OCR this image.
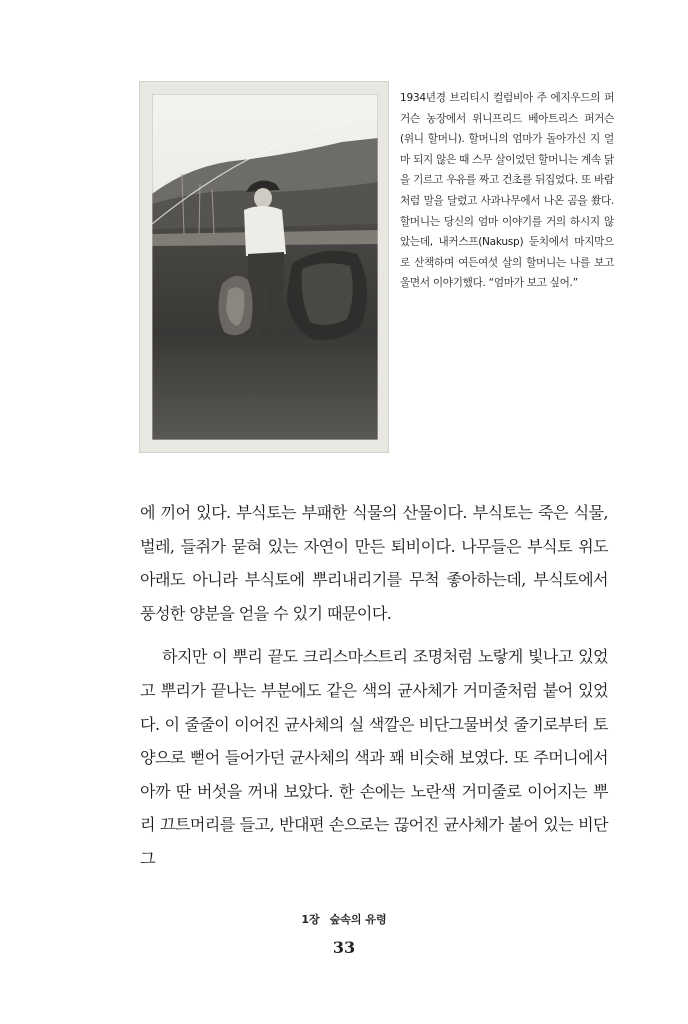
1934년경 브리티시 컬럼비아 주 에지우드의 퍼거슨 농장에서 위니프리드 베아트리스 퍼거슨(위니 할머니). 할머니의 엄마가 돌아가신 지 얼마 되지 않은 때 스무 살이었던 할머니는 계속 닭을 기르고 우유를 짜고 건초를 뒤집었다. 또 바람처럼 말을 달렸고 사과나무에서 나온 곰을 쐈다. 할머니는 당신의 엄마 이야기를 거의 하시지 않았는데, 내커스프(Nakusp) 둔치에서 마지막으로 산책하며 여든여섯 살의 할머니는 나를 보고 울면서 이야기했다. “엄마가 보고 싶어.”

에 끼어 있다. 부식토는 부패한 식물의 산물이다. 부식토는 죽은 식물, 벌레, 들쥐가 묻혀 있는 자연이 만든 퇴비이다. 나무들은 부식토 위도 아래도 아니라 부식토에 뿌리내리기를 무척 좋아하는데, 부식토에서 풍성한 양분을 얻을 수 있기 때문이다.

하지만 이 뿌리 끝도 크리스마스트리 조명처럼 노랗게 빛나고 있었고 뿌리가 끝나는 부분에도 같은 색의 균사체가 거미줄처럼 붙어 있었다. 이 줄줄이 이어진 균사체의 실 색깔은 비단그물버섯 줄기로부터 토양으로 뻗어 들어가던 균사체의 색과 꽤 비슷해 보였다. 또 주머니에서 아까 딴 버섯을 꺼내 보았다. 한 손에는 노란색 거미줄로 이어지는 뿌리 끄트머리를 들고, 반대편 손으로는 끊어진 균사체가 붙어 있는 비단그

1장 숲속의 유령
33
